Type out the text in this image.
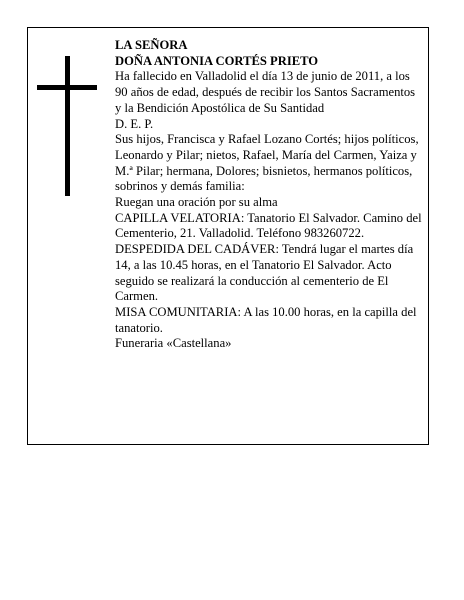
LA SEÑORA

DOÑA ANTONIA CORTÉS PRIETO

Ha fallecido en Valladolid el día 13 de junio de 2011, a los 90 años de edad, después de recibir los Santos Sacramentos y la Bendición Apostólica de Su Santidad

D. E. P.

Sus hijos, Francisca y Rafael Lozano Cortés; hijos políticos, Leonardo y Pilar; nietos, Rafael, María del Carmen, Yaiza y M.ª Pilar; hermana, Dolores; bisnietos, hermanos políticos, sobrinos y demás familia:

Ruegan una oración por su alma

CAPILLA VELATORIA: Tanatorio El Salvador. Camino del Cementerio, 21. Valladolid. Teléfono 983260722.

DESPEDIDA DEL CADÁVER: Tendrá lugar el martes día 14, a las 10.45 horas, en el Tanatorio El Salvador. Acto seguido se realizará la conducción al cementerio de El Carmen.

MISA COMUNITARIA: A las 10.00 horas, en la capilla del tanatorio.

Funeraria «Castellana»
